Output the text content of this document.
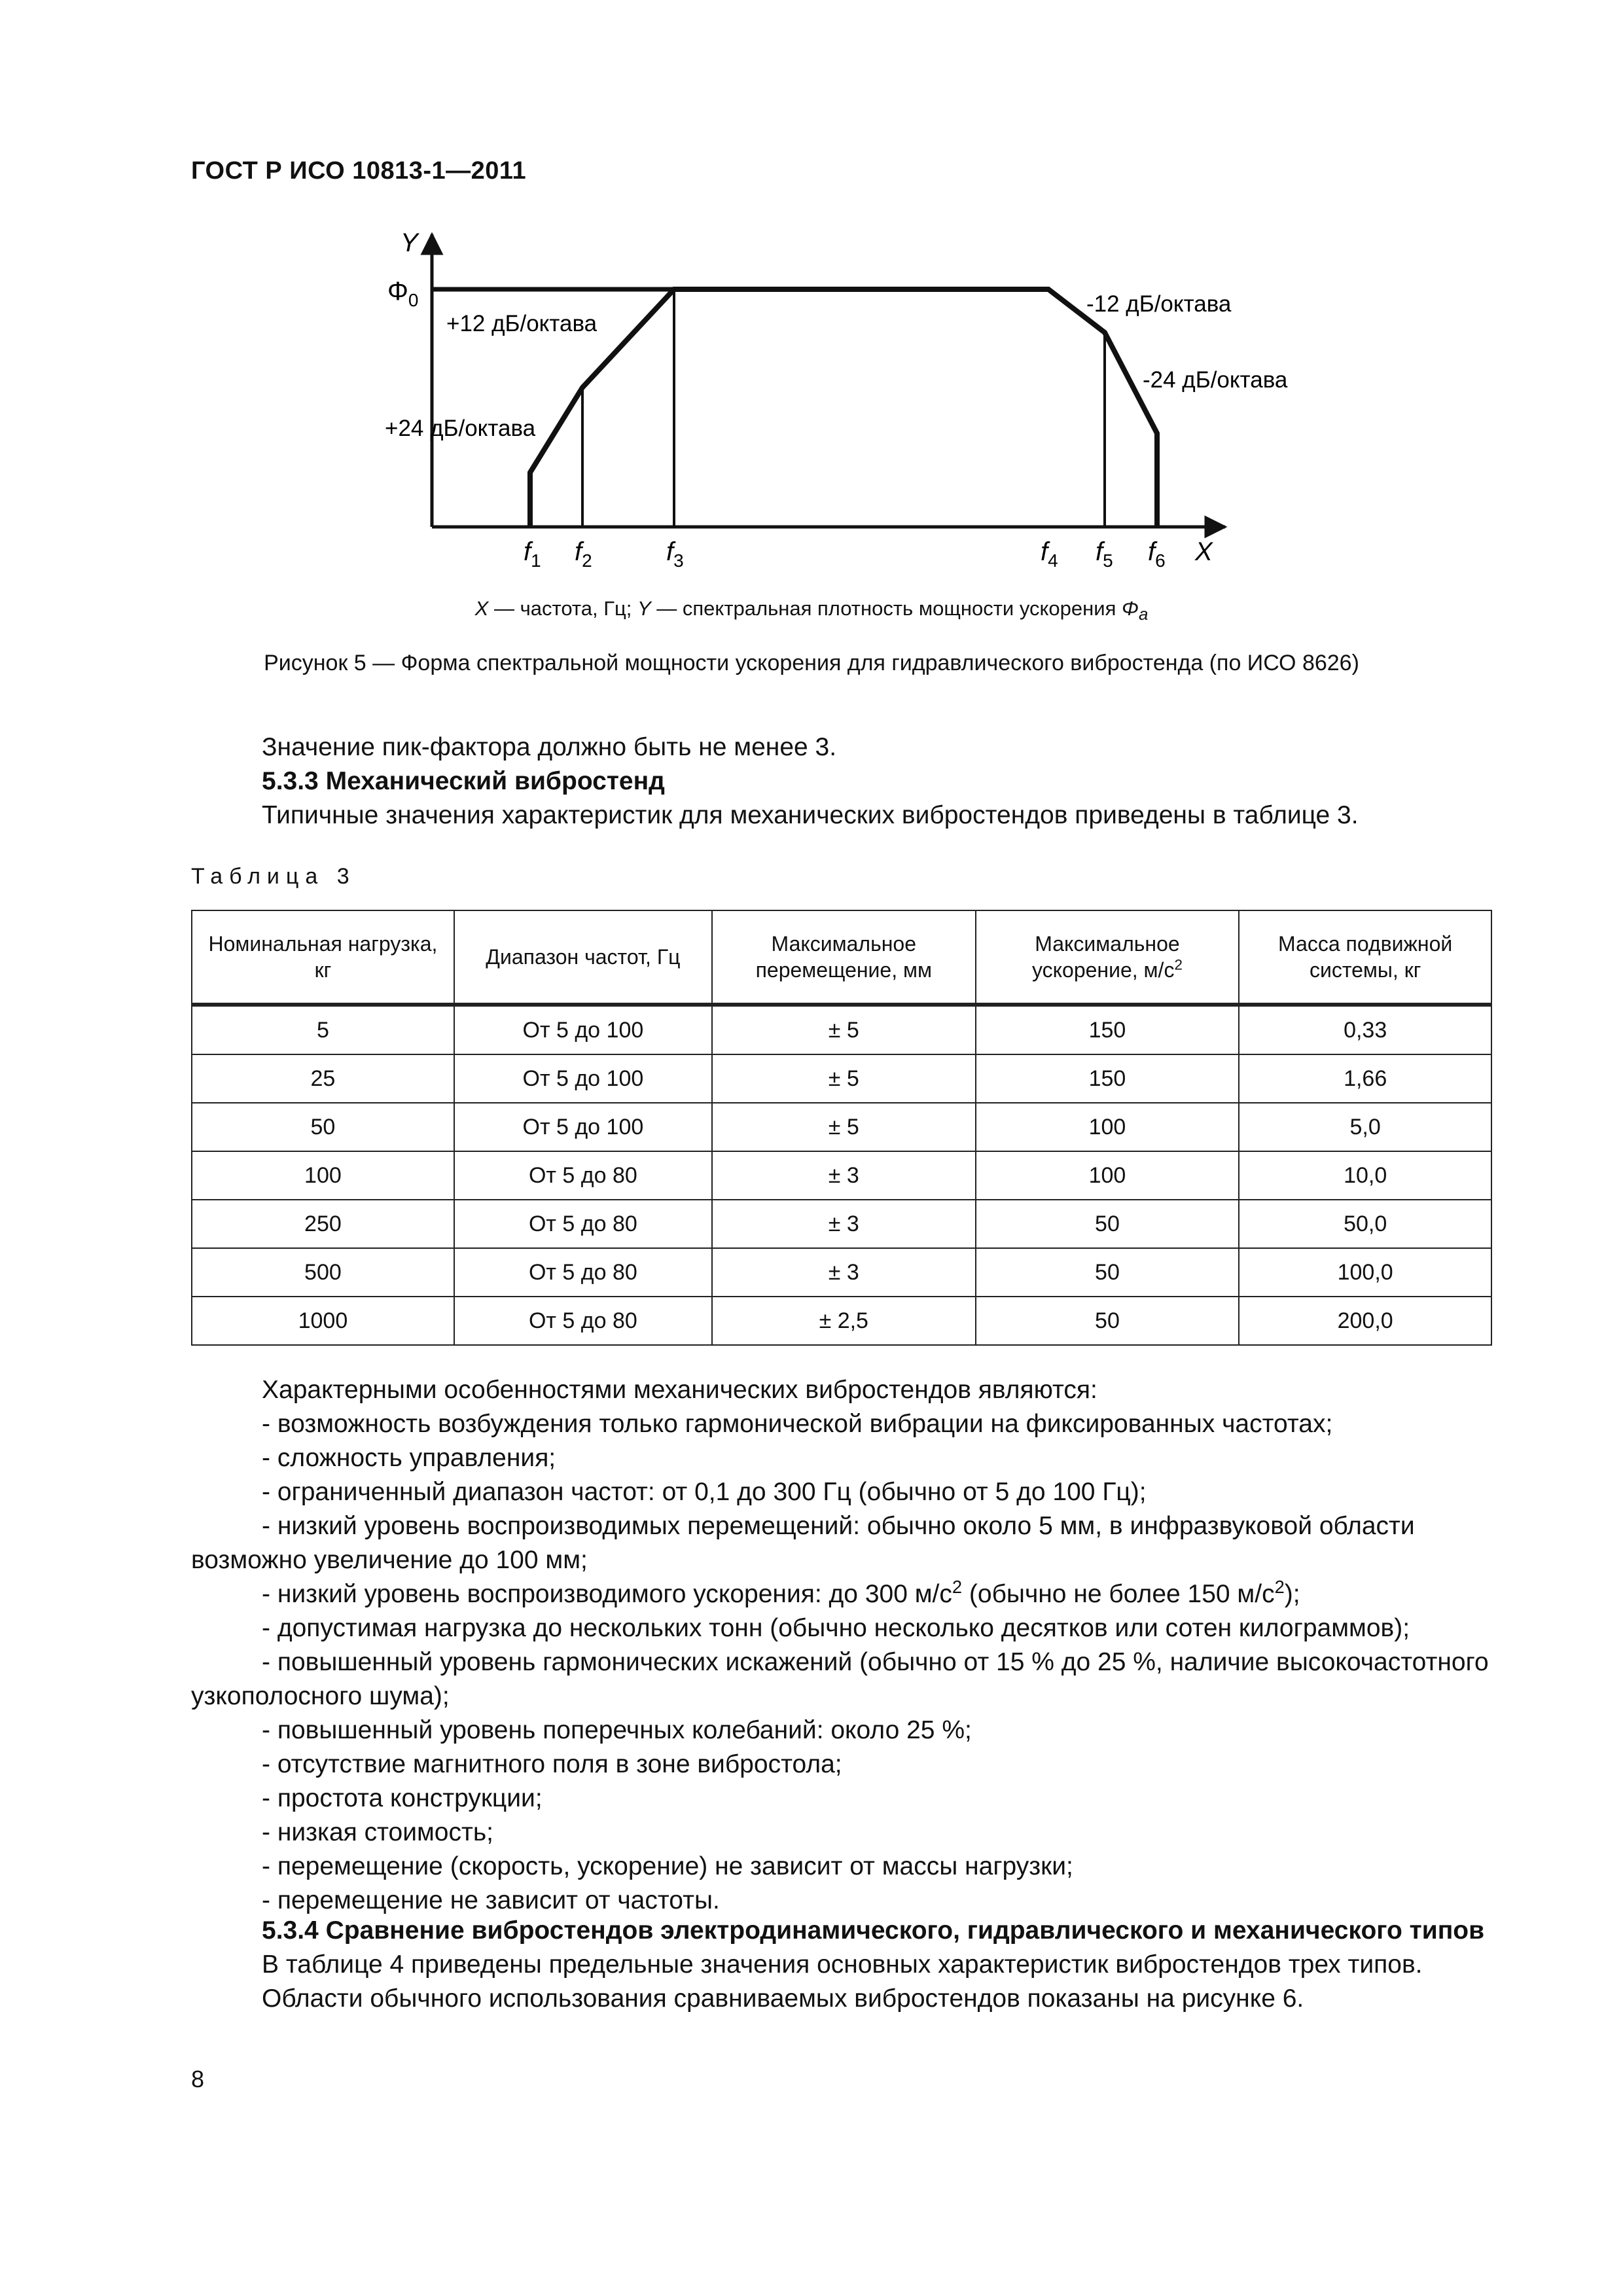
ГОСТ Р ИСО 10813-1—2011
Y
X
$\Phi_0$
+12 дБ/октава
+24 дБ/октава
-12 дБ/октава
-24 дБ/октава
$f_1$ $f_2$	$f_3$	$f_4$ $f_5$ $f_6$
X — частота, Гц; Y — спектральная плотность мощности ускорения $\Phi_a$
Рисунок 5 — Форма спектральной мощности ускорения для гидравлического вибростенда (по ИСО 8626)

Значение пик-фактора должно быть не менее 3.

5.3.3 Механический вибростенд

Типичные значения характеристик для механических вибростендов приведены в таблице 3.

Таблица 3
Номинальная нагрузка, кг	Диапазон частот, Гц	Максимальное перемещение, мм	Максимальное ускорение, $м/с^2$	Масса подвижной системы, кг
5	От 5 до 100	± 5	150	0,33
25	От 5 до 100	± 5	150	1,66
50	От 5 до 100	± 5	100	5,0
100	От 5 до 80	± 3	100	10,0
250	От 5 до 80	± 3	50	50,0
500	От 5 до 80	± 3	50	100,0
1000	От 5 до 80	± 2,5	50	200,0

Характерными особенностями механических вибростендов являются:

- возможность возбуждения только гармонической вибрации на фиксированных частотах;

- сложность управления;

- ограниченный диапазон частот: от 0,1 до 300 Гц (обычно от 5 до 100 Гц);

- низкий уровень воспроизводимых перемещений: обычно около 5 мм, в инфразвуковой области возможно увеличение до 100 мм;

- низкий уровень воспроизводимого ускорения: до 300 $м/с^2$ (обычно не более 150 $м/с^2$);

- допустимая нагрузка до нескольких тонн (обычно несколько десятков или сотен килограммов);

- повышенный уровень гармонических искажений (обычно от 15 % до 25 %, наличие высокочастотного узкополосного шума);

- повышенный уровень поперечных колебаний: около 25 %;

- отсутствие магнитного поля в зоне вибростола;

- простота конструкции;

- низкая стоимость;

- перемещение (скорость, ускорение) не зависит от массы нагрузки;

- перемещение не зависит от частоты.

5.3.4 Сравнение вибростендов электродинамического, гидравлического и механического типов

В таблице 4 приведены предельные значения основных характеристик вибростендов трех типов.

Области обычного использования сравниваемых вибростендов показаны на рисунке 6.

8
